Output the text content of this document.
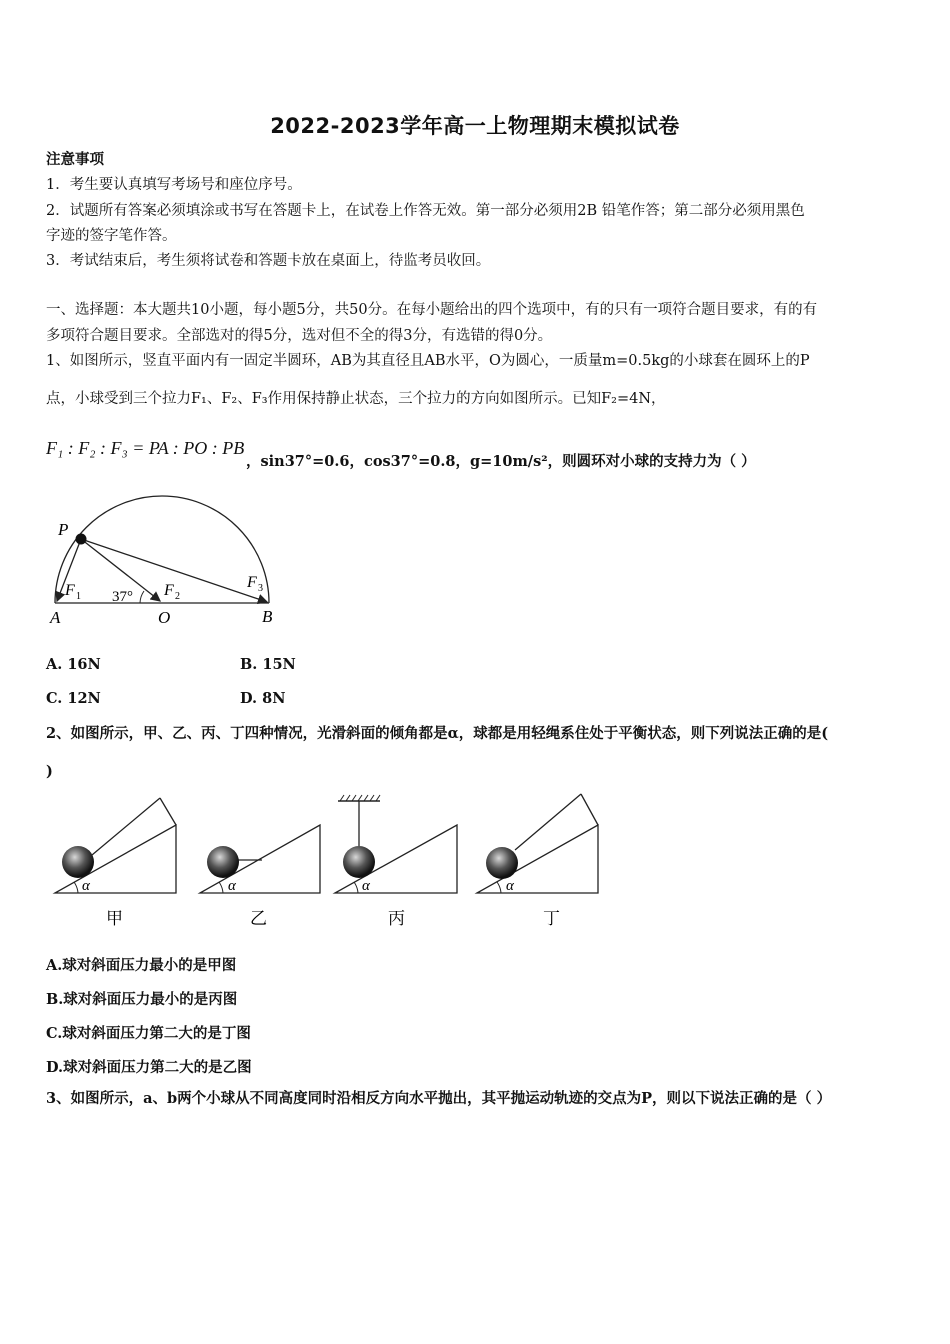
2022-2023学年高一上物理期末模拟试卷
注意事项
1．考生要认真填写考场号和座位序号。
2．试题所有答案必须填涂或书写在答题卡上，在试卷上作答无效。第一部分必须用2B 铅笔作答；第二部分必须用黑色
字迹的签字笔作答。
3．考试结束后，考生须将试卷和答题卡放在桌面上，待监考员收回。
一、选择题：本大题共10小题，每小题5分，共50分。在每小题给出的四个选项中，有的只有一项符合题目要求，有的有
多项符合题目要求。全部选对的得5分，选对但不全的得3分，有选错的得0分。
1、如图所示，竖直平面内有一固定半圆环，AB为其直径且AB水平，O为圆心，一质量m=0.5kg的小球套在圆环上的P
点，小球受到三个拉力F₁、F₂、F₃作用保持静止状态，三个拉力的方向如图所示。已知F₂=4N，
F₁ : F₂ : F₃ = PA : PO : PB
，sin37°=0.6，cos37°=0.8，g=10m/s²，则圆环对小球的支持力为（ ）
P
A	O	B
F 1	F 2
F 3
37°
A. 16N	B. 15N
C. 12N	D. 8N
2、如图所示，甲、乙、丙、丁四种情况，光滑斜面的倾角都是α，球都是用轻绳系住处于平衡状态，则下列说法正确的是(
)
α
甲
α
乙
α
丙
α
丁
A.球对斜面压力最小的是甲图
B.球对斜面压力最小的是丙图
C.球对斜面压力第二大的是丁图
D.球对斜面压力第二大的是乙图
3、如图所示，a、b两个小球从不同高度同时沿相反方向水平抛出，其平抛运动轨迹的交点为P，则以下说法正确的是（ ）
